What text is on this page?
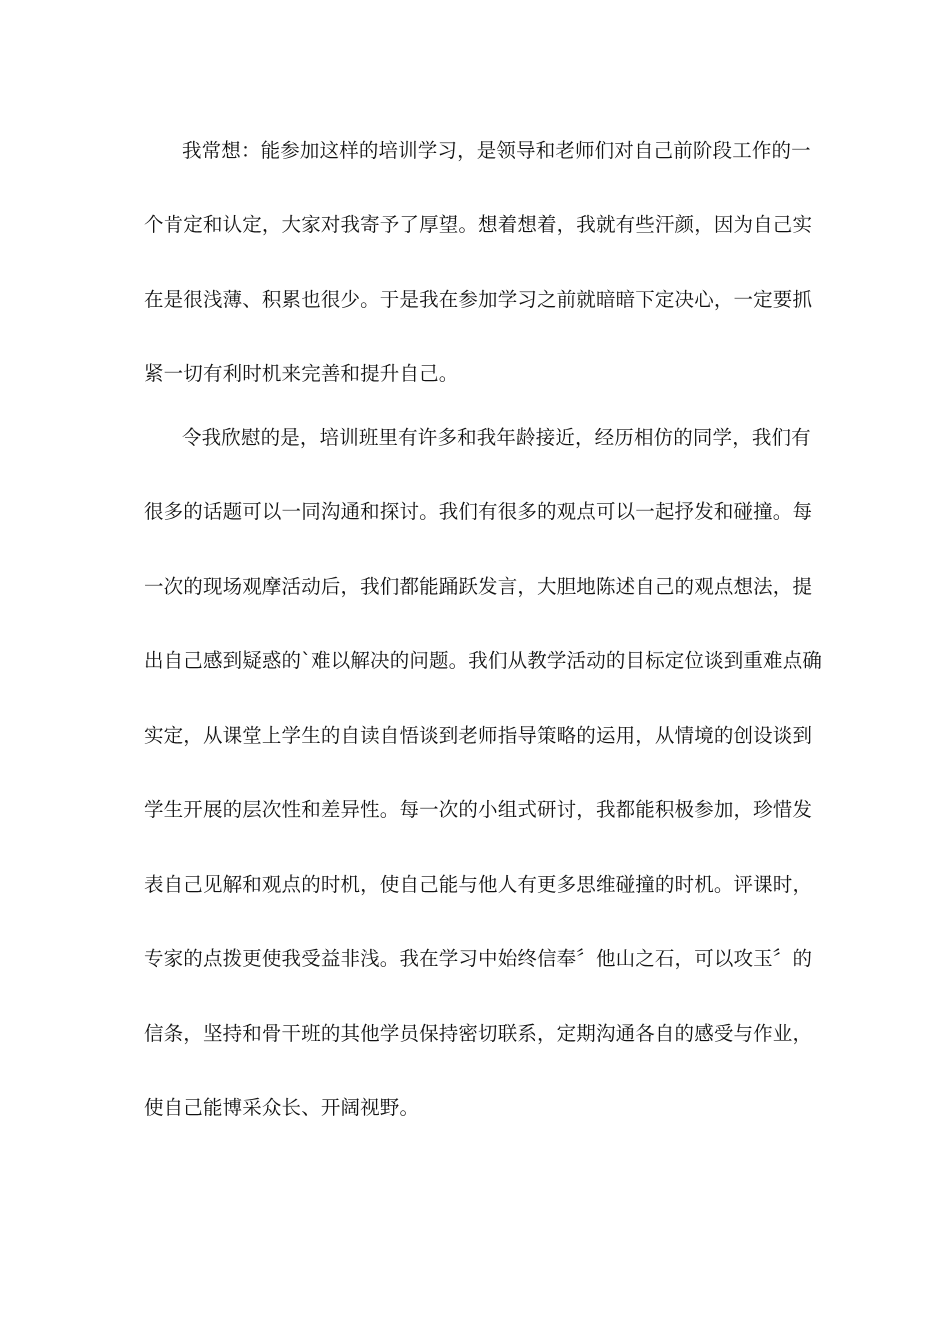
我常想：能参加这样的培训学习，是领导和老师们对自己前阶段工作的一
个肯定和认定，大家对我寄予了厚望。想着想着，我就有些汗颜，因为自己实
在是很浅薄、积累也很少。于是我在参加学习之前就暗暗下定决心，一定要抓
紧一切有利时机来完善和提升自己。
令我欣慰的是，培训班里有许多和我年龄接近，经历相仿的同学，我们有
很多的话题可以一同沟通和探讨。我们有很多的观点可以一起抒发和碰撞。每
一次的现场观摩活动后，我们都能踊跃发言，大胆地陈述自己的观点想法，提
出自己感到疑惑的`难以解决的问题。我们从教学活动的目标定位谈到重难点确
实定，从课堂上学生的自读自悟谈到老师指导策略的运用，从情境的创设谈到
学生开展的层次性和差异性。每一次的小组式研讨，我都能积极参加，珍惜发
表自己见解和观点的时机，使自己能与他人有更多思维碰撞的时机。评课时，
专家的点拨更使我受益非浅。我在学习中始终信奉〞他山之石，可以攻玉〞的
信条，坚持和骨干班的其他学员保持密切联系，定期沟通各自的感受与作业，
使自己能博采众长、开阔视野。
